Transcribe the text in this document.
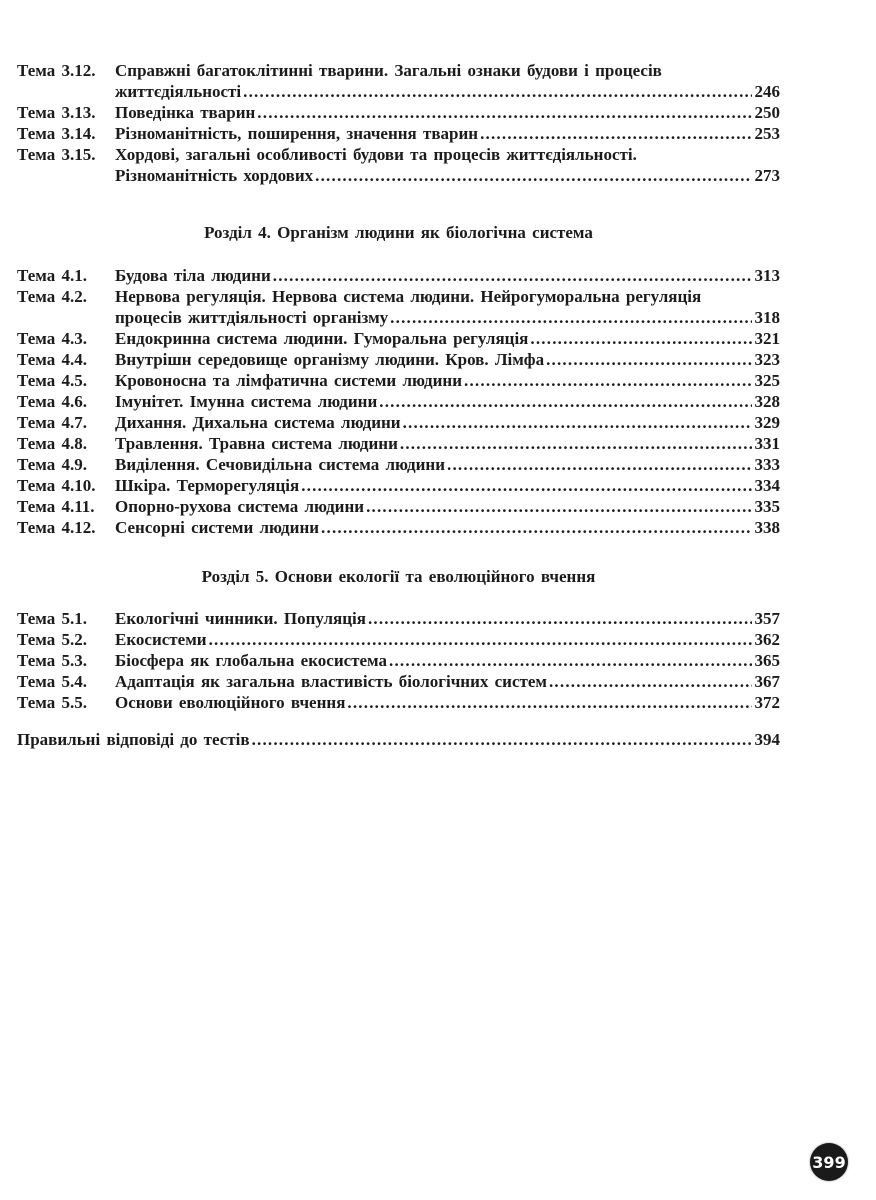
Тема 3.12.	Справжні багатоклітинні тварини. Загальні ознаки будови і процесів
життєдіяльності .....	246
Тема 3.13.	Поведінка тварин .....	250
Тема 3.14.	Різноманітність, поширення, значення тварин .....	253
Тема 3.15.	Хордові, загальні особливості будови та процесів життєдіяльності.
Різноманітність хордових .....	273
Розділ 4. Організм людини як біологічна система
Тема 4.1.	Будова тіла людини .....	313
Тема 4.2.	Нервова регуляція. Нервова система людини. Нейрогуморальна регуляція
процесів життдіяльності організму .....	318
Тема 4.3.	Ендокринна система людини. Гуморальна регуляція .....	321
Тема 4.4.	Внутрішн середовище організму людини. Кров. Лімфа .....	323
Тема 4.5.	Кровоносна та лімфатична системи людини .....	325
Тема 4.6.	Імунітет. Імунна система людини .....	328
Тема 4.7.	Дихання. Дихальна система людини .....	329
Тема 4.8.	Травлення. Травна система людини .....	331
Тема 4.9.	Виділення. Сечовидільна система людини .....	333
Тема 4.10.	Шкіра. Терморегуляція .....	334
Тема 4.11.	Опорно-рухова система людини .....	335
Тема 4.12.	Сенсорні системи людини .....	338
Розділ 5. Основи екології та еволюційного вчення
Тема 5.1.	Екологічні чинники. Популяція .....	357
Тема 5.2.	Екосистеми .....	362
Тема 5.3.	Біосфера як глобальна екосистема .....	365
Тема 5.4.	Адаптація як загальна властивість біологічних систем .....	367
Тема 5.5.	Основи еволюційного вчення .....	372
Правильні відповіді до тестів .....	394
399
